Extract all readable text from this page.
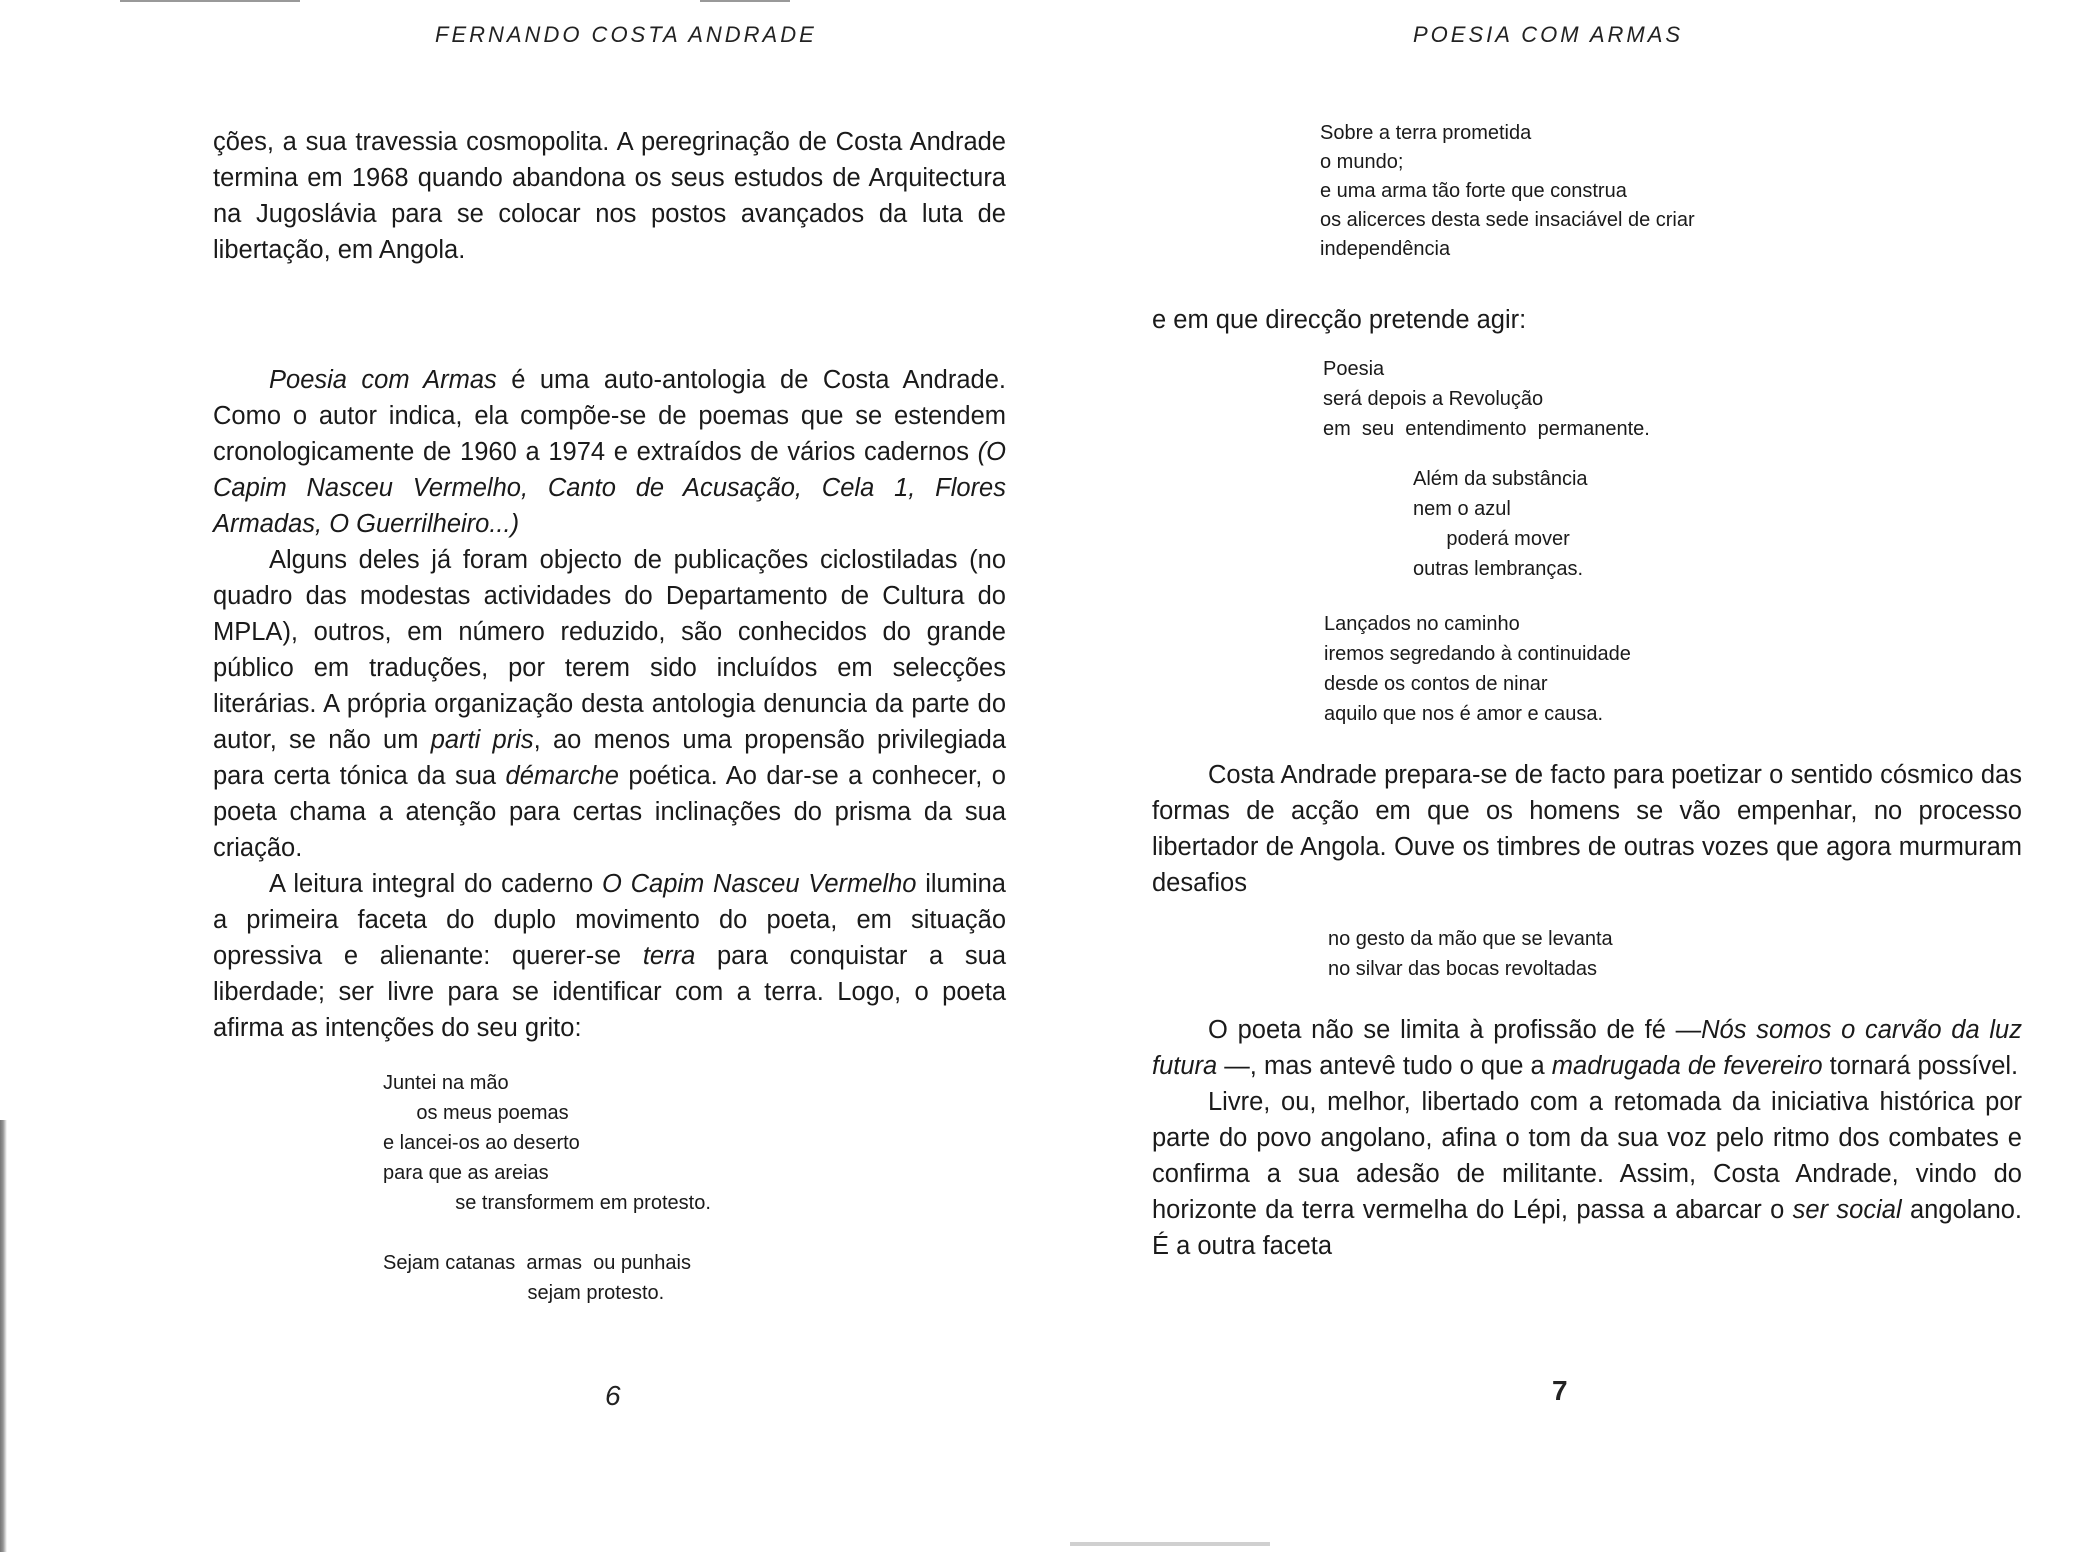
FERNANDO COSTA ANDRADE

ções, a sua travessia cosmopolita. A peregrinação de Costa Andrade termina em 1968 quando abandona os seus estudos de Arquitectura na Jugoslávia para se colocar nos postos avançados da luta de libertação, em Angola.

Poesia com Armas é uma auto-antologia de Costa Andrade. Como o autor indica, ela compõe-se de poemas que se estendem cronologicamente de 1960 a 1974 e extraídos de vários cadernos (O Capim Nasceu Vermelho, Canto de Acusação, Cela 1, Flores Armadas, O Guerrilheiro...)

Alguns deles já foram objecto de publicações ciclostiladas (no quadro das modestas actividades do Departamento de Cultura do MPLA), outros, em número reduzido, são conhecidos do grande público em traduções, por terem sido incluídos em selecções literárias. A própria organização desta antologia denuncia da parte do autor, se não um parti pris, ao menos uma propensão privilegiada para certa tónica da sua démarche poética. Ao dar-se a conhecer, o poeta chama a atenção para certas inclinações do prisma da sua criação.

A leitura integral do caderno O Capim Nasceu Vermelho ilumina a primeira faceta do duplo movimento do poeta, em situação opressiva e alienante: querer-se terra para conquistar a sua liberdade; ser livre para se identificar com a terra. Logo, o poeta afirma as intenções do seu grito:

Juntei na mão
os meus poemas
e lancei-os ao deserto
para que as areias
se transformem em protesto.

Sejam catanas  armas  ou punhais
sejam protesto.
6
POESIA COM ARMAS
Sobre a terra prometida
o mundo;
e uma arma tão forte que construa
os alicerces desta sede insaciável de criar
independência
e em que direcção pretende agir:
Poesia
será depois a Revolução
em  seu  entendimento  permanente.
Além da substância
nem o azul
poderá mover
outras lembranças.
Lançados no caminho
iremos segredando à continuidade
desde os contos de ninar
aquilo que nos é amor e causa.

Costa Andrade prepara-se de facto para poetizar o sentido cósmico das formas de acção em que os homens se vão empenhar, no processo libertador de Angola. Ouve os timbres de outras vozes que agora murmuram desafios

no gesto da mão que se levanta
no silvar das bocas revoltadas

O poeta não se limita à profissão de fé —Nós somos o carvão da luz futura —, mas antevê tudo o que a madrugada de fevereiro tornará possível.

Livre, ou, melhor, libertado com a retomada da iniciativa histórica por parte do povo angolano, afina o tom da sua voz pelo ritmo dos combates e confirma a sua adesão de militante. Assim, Costa Andrade, vindo do horizonte da terra vermelha do Lépi, passa a abarcar o ser social angolano. É a outra faceta

7
